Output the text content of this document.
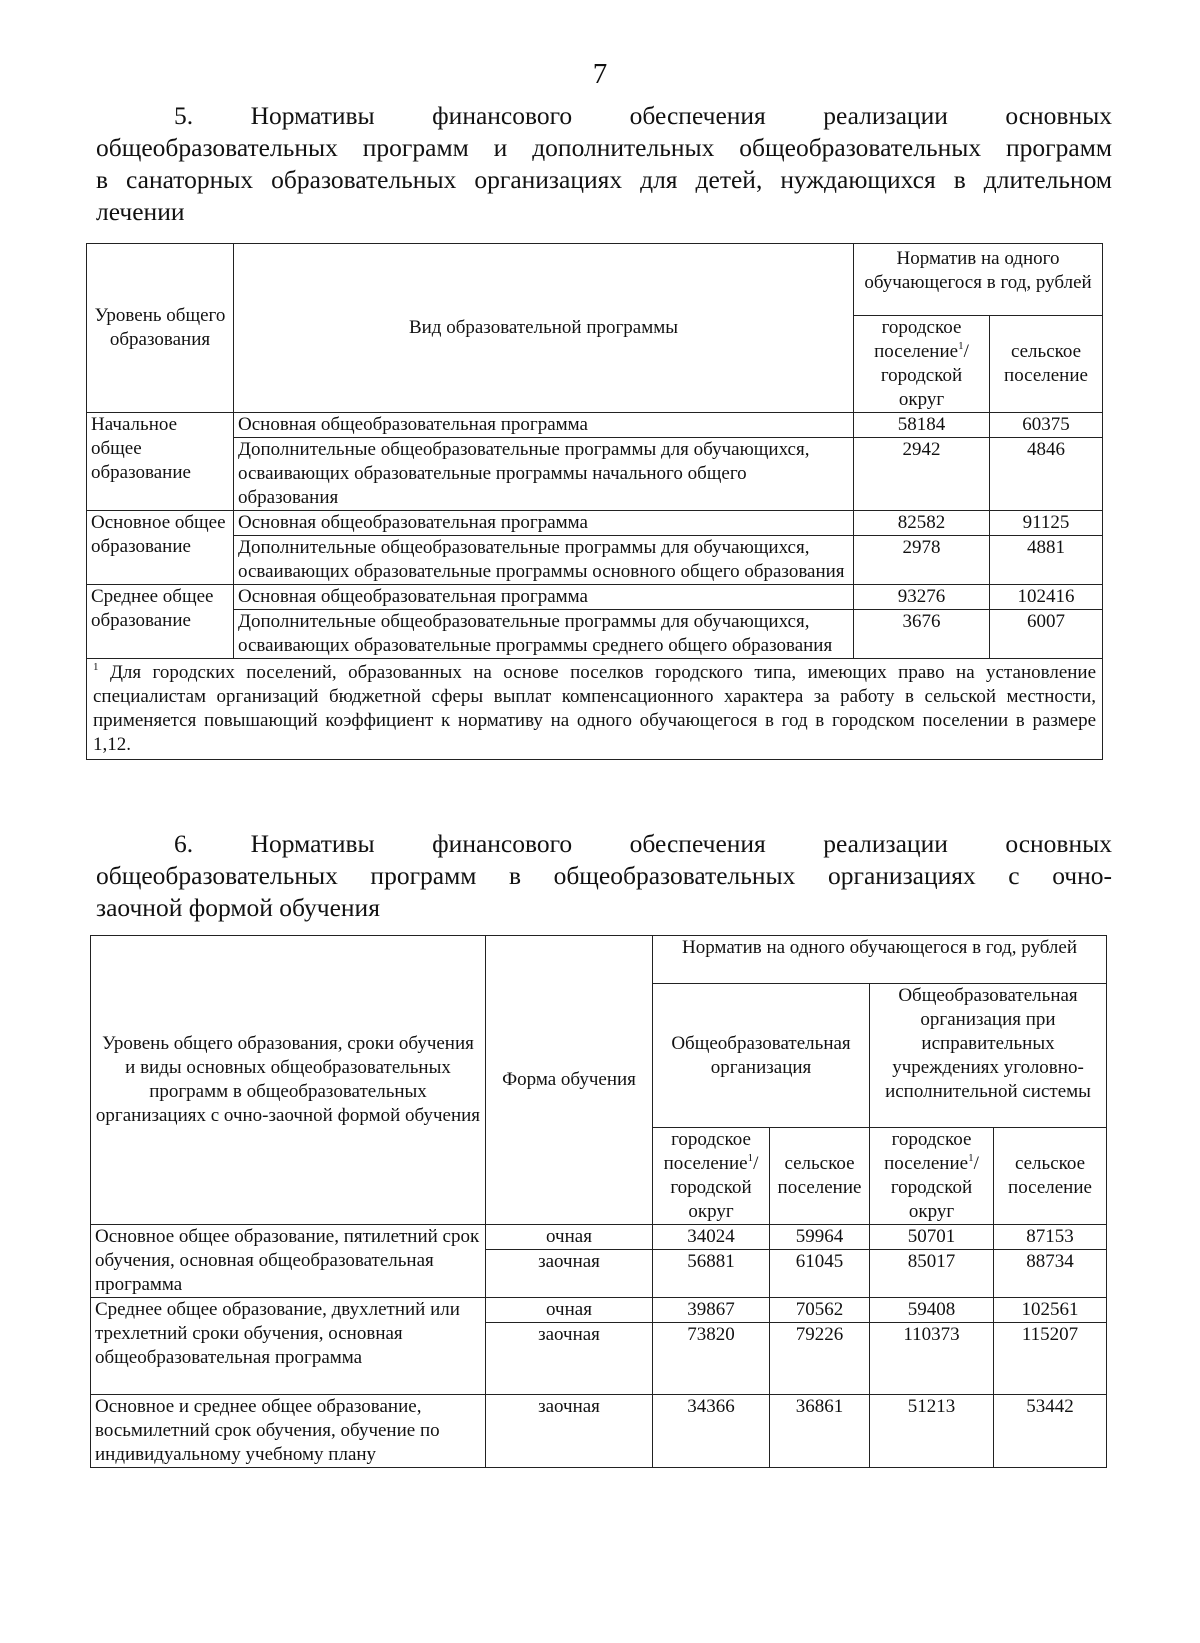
7
5. Нормативы финансового обеспечения реализации основных
общеобразовательных программ и дополнительных общеобразовательных программ
в санаторных образовательных организациях для детей, нуждающихся в длительном
лечении
Уровень общего образования	Вид образовательной программы	Норматив на одного обучающегося в год, рублей	
		городское поселение$^1$/ городской округ	сельское поселение
Начальное общее образование	Основная общеобразовательная программа	58184	60375
	Дополнительные общеобразовательные программы для обучающихся, осваивающих образовательные программы начального общего образования	2942	4846
Основное общее образование	Основная общеобразовательная программа	82582	91125
	Дополнительные общеобразовательные программы для обучающихся, осваивающих образовательные программы основного общего образования	2978	4881
Среднее общее образование	Основная общеобразовательная программа	93276	102416
	Дополнительные общеобразовательные программы для обучающихся, осваивающих образовательные программы среднего общего образования	3676	6007
$^1$ Для городских поселений, образованных на основе поселков городского типа, имеющих право на установление специалистам организаций бюджетной сферы выплат компенсационного характера за работу в сельской местности, применяется повышающий коэффициент к нормативу на одного обучающегося в год в городском поселении в размере 1,12.			
6. Нормативы финансового обеспечения реализации основных
общеобразовательных программ в общеобразовательных организациях с очно-
заочной формой обучения
Уровень общего образования, сроки обучения и виды основных общеобразовательных программ в общеобразовательных организациях с очно-заочной формой обучения	Форма обучения	Норматив на одного обучающегося в год, рублей			
		Общеобразовательная организация		Общеобразовательная организация при исправительных учреждениях уголовно-исполнительной системы	
		городское поселение$^1$/ городской округ	сельское поселение	городское поселение$^1$/ городской округ	сельское поселение
Основное общее образование, пятилетний срок обучения, основная общеобразовательная программа	очная	34024	59964	50701	87153
	заочная	56881	61045	85017	88734
Среднее общее образование, двухлетний или трехлетний сроки обучения, основная общеобразовательная программа	очная	39867	70562	59408	102561
	заочная	73820	79226	110373	115207
Основное и среднее общее образование, восьмилетний срок обучения, обучение по индивидуальному учебному плану	заочная	34366	36861	51213	53442
